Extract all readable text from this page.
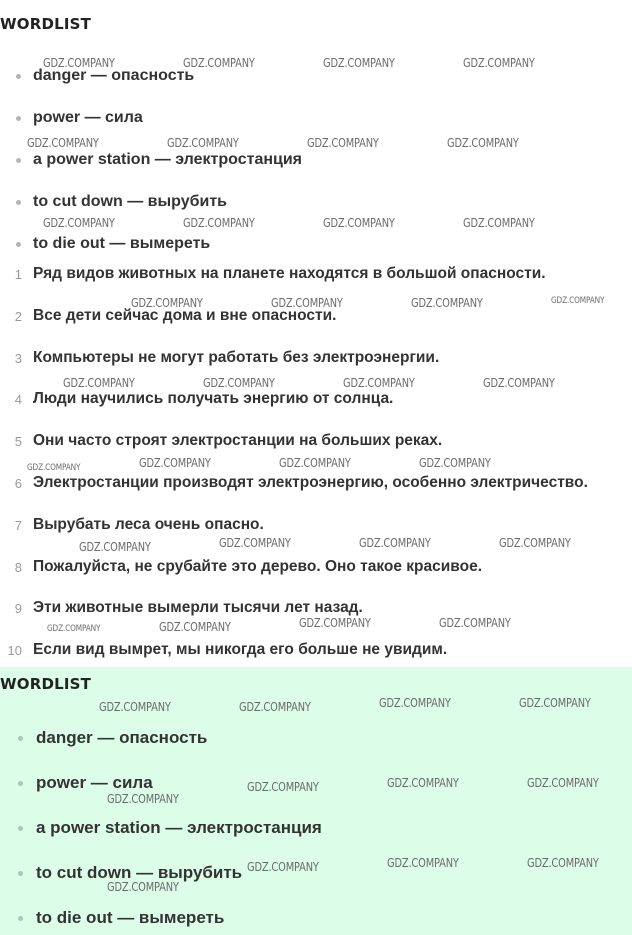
WORDLIST
danger — опасность
power — сила
a power station — электростанция
to cut down — вырубить
to die out — вымереть
1 Ряд видов животных на планете находятся в большой опасности.
2 Все дети сейчас дома и вне опасности.
3 Компьютеры не могут работать без электроэнергии.
4 Люди научились получать энергию от солнца.
5 Они часто строят электростанции на больших реках.
6 Электростанции производят электроэнергию, особенно электричество.
7 Вырубать леса очень опасно.
8 Пожалуйста, не срубайте это дерево. Оно такое красивое.
9 Эти животные вымерли тысячи лет назад.
10 Если вид вымрет, мы никогда его больше не увидим.
WORDLIST
danger — опасность
power — сила
a power station — электростанция
to cut down — вырубить
to die out — вымереть
GDZ.COMPANY	GDZ.COMPANY	GDZ.COMPANY	GDZ.COMPANY
GDZ.COMPANY	GDZ.COMPANY	GDZ.COMPANY	GDZ.COMPANY
GDZ.COMPANY	GDZ.COMPANY	GDZ.COMPANY	GDZ.COMPANY
GDZ.COMPANY	GDZ.COMPANY	GDZ.COMPANY	GDZ.COMPANY
GDZ.COMPANY	GDZ.COMPANY	GDZ.COMPANY	GDZ.COMPANY
GDZ.COMPANY	GDZ.COMPANY	GDZ.COMPANY	GDZ.COMPANY
GDZ.COMPANY	GDZ.COMPANY	GDZ.COMPANY	GDZ.COMPANY
GDZ.COMPANY	GDZ.COMPANY	GDZ.COMPANY	GDZ.COMPANY
GDZ.COMPANY	GDZ.COMPANY	GDZ.COMPANY	GDZ.COMPANY
GDZ.COMPANY
GDZ.COMPANY	GDZ.COMPANY	GDZ.COMPANY
GDZ.COMPANY
GDZ.COMPANY	GDZ.COMPANY	GDZ.COMPANY
